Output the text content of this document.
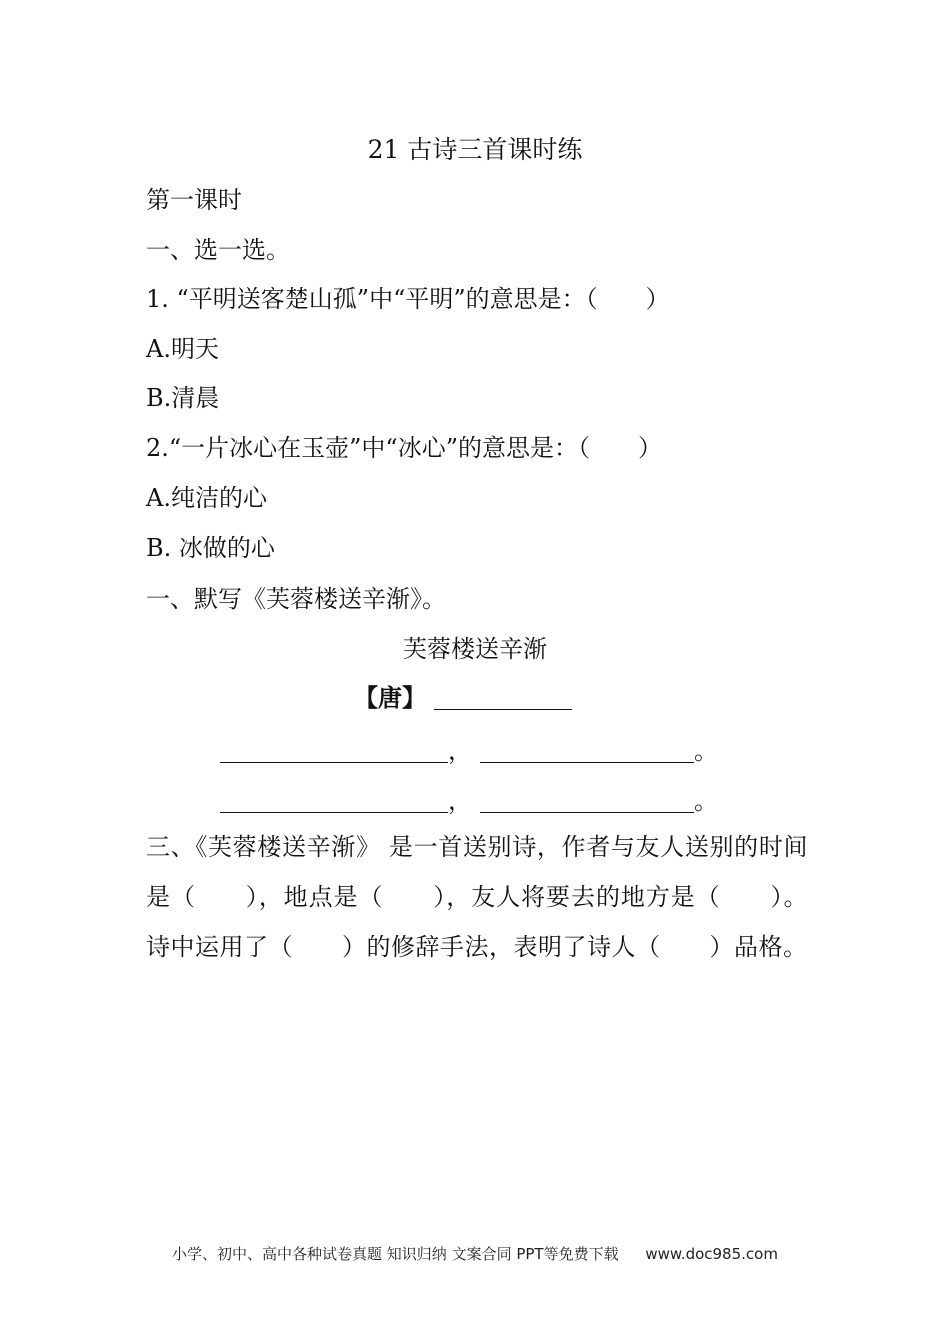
21 古诗三首课时练
第一课时
一、选一选。
1. “平明送客楚山孤”中“平明”的意思是：（　　）
A.明天
B.清晨
2.“一片冰心在玉壶”中“冰心”的意思是：（　　）
A.纯洁的心
B. 冰做的心
一、默写《芙蓉楼送辛渐》。
芙蓉楼送辛渐
【唐】
，	。
，	。
三、《芙蓉楼送辛渐》 是一首送别诗，作者与友人送别的时间是（　　），地点是（　　），友人将要去的地方是（　　）。诗中运用了（　　）的修辞手法，表明了诗人（　　）品格。
小学、初中、高中各种试卷真题 知识归纳 文案合同 PPT等免费下载 www.doc985.com
